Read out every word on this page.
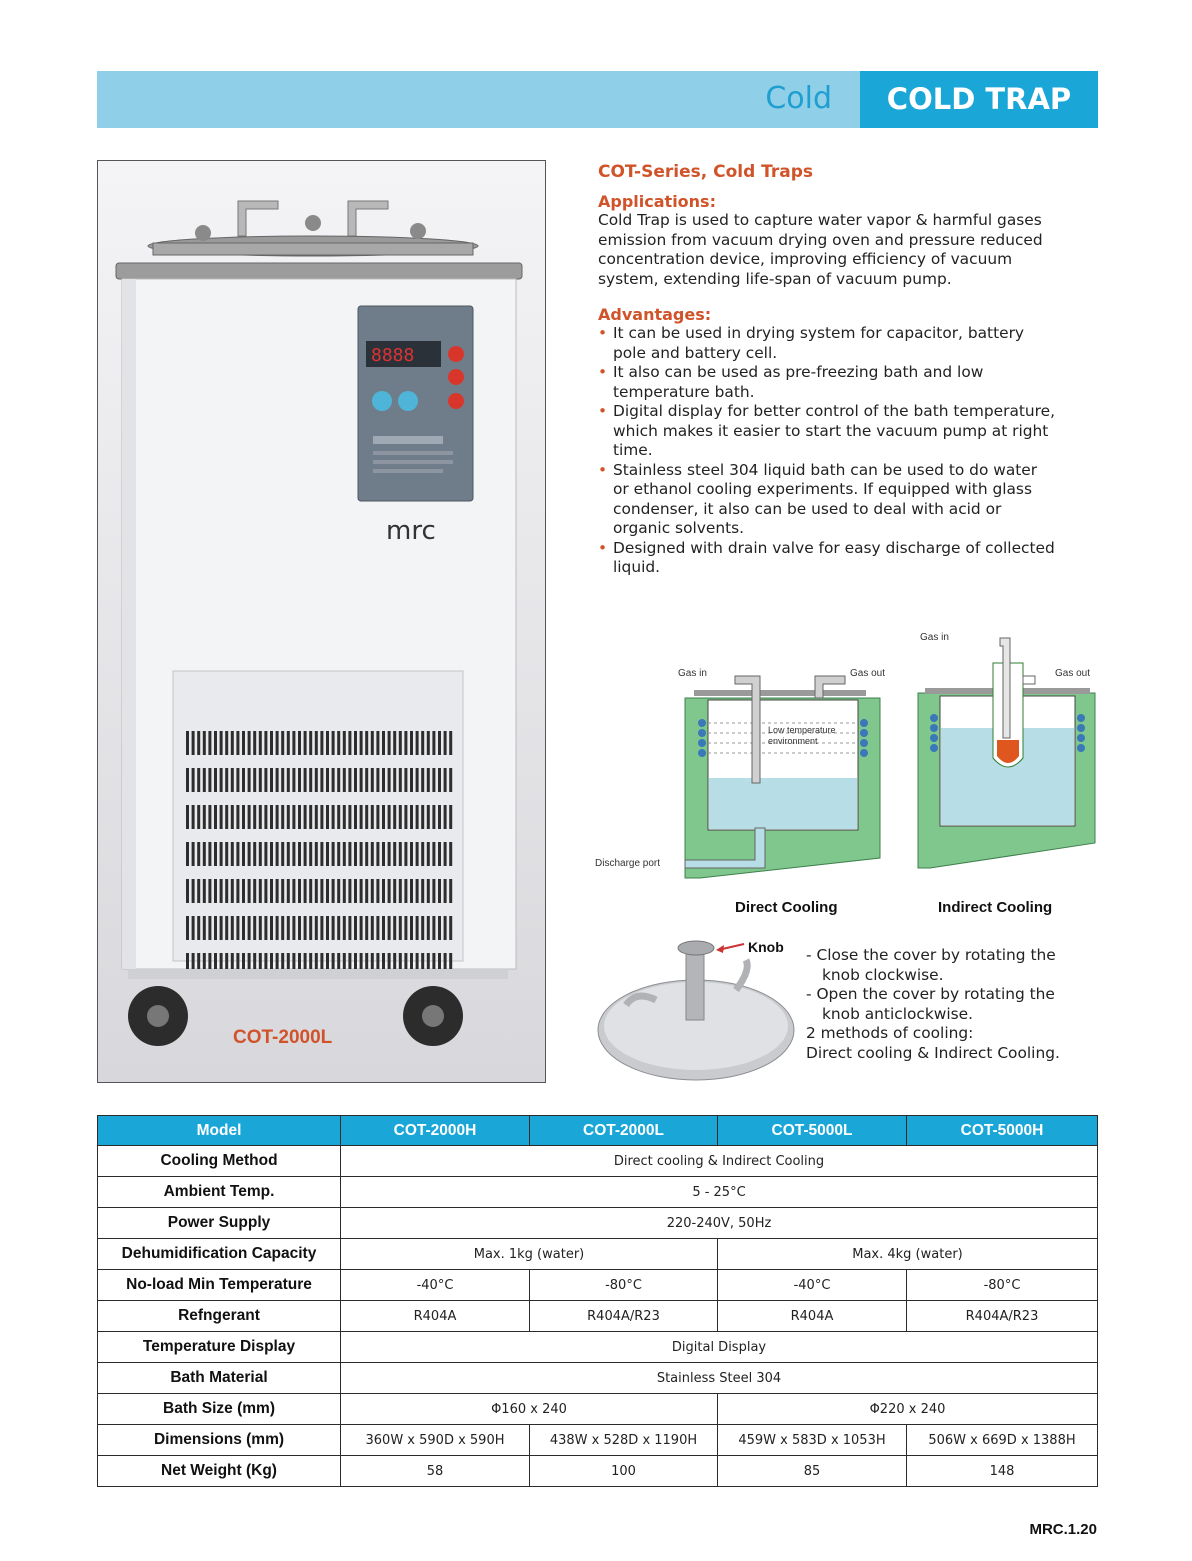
Cold	COLD TRAP
8888
mrc
COT-2000L
COT-Series, Cold Traps
Applications:

Cold Trap is used to capture water vapor & harmful gases

emission from vacuum drying oven and pressure reduced

concentration device, improving efficiency of vacuum

system, extending life-span of vacuum pump.

Advantages:
• It can be used in drying system for capacitor, battery
pole and battery cell.
• It also can be used as pre-freezing bath and low
temperature bath.
• Digital display for better control of the bath temperature,
which makes it easier to start the vacuum pump at right
time.
• Stainless steel 304 liquid bath can be used to do water
or ethanol cooling experiments. If equipped with glass
condenser, it also can be used to deal with acid or
organic solvents.
• Designed with drain valve for easy discharge of collected
liquid.
Gas in	Gas out
Low temperature
environment
Discharge port
Gas in
Gas out
Direct Cooling	Indirect Cooling
Knob - Close the cover by rotating the
knob clockwise.
- Open the cover by rotating the
knob anticlockwise.
2 methods of cooling:
Direct cooling & Indirect Cooling.
Model	COT-2000H	COT-2000L	COT-5000L	COT-5000H
Cooling Method	Direct cooling & Indirect Cooling			
Ambient Temp.	5 - 25°C			
Power Supply	220-240V, 50Hz			
Dehumidification Capacity	Max. 1kg (water)		Max. 4kg (water)	
No-load Min Temperature	-40°C	-80°C	-40°C	-80°C
Refngerant	R404A	R404A/R23	R404A	R404A/R23
Temperature Display	Digital Display			
Bath Material	Stainless Steel 304			
Bath Size (mm)	Φ160 x 240		Φ220 x 240	
Dimensions (mm)	360W x 590D x 590H	438W x 528D x 1190H	459W x 583D x 1053H	506W x 669D x 1388H
Net Weight (Kg)	58	100	85	148
MRC.1.20
